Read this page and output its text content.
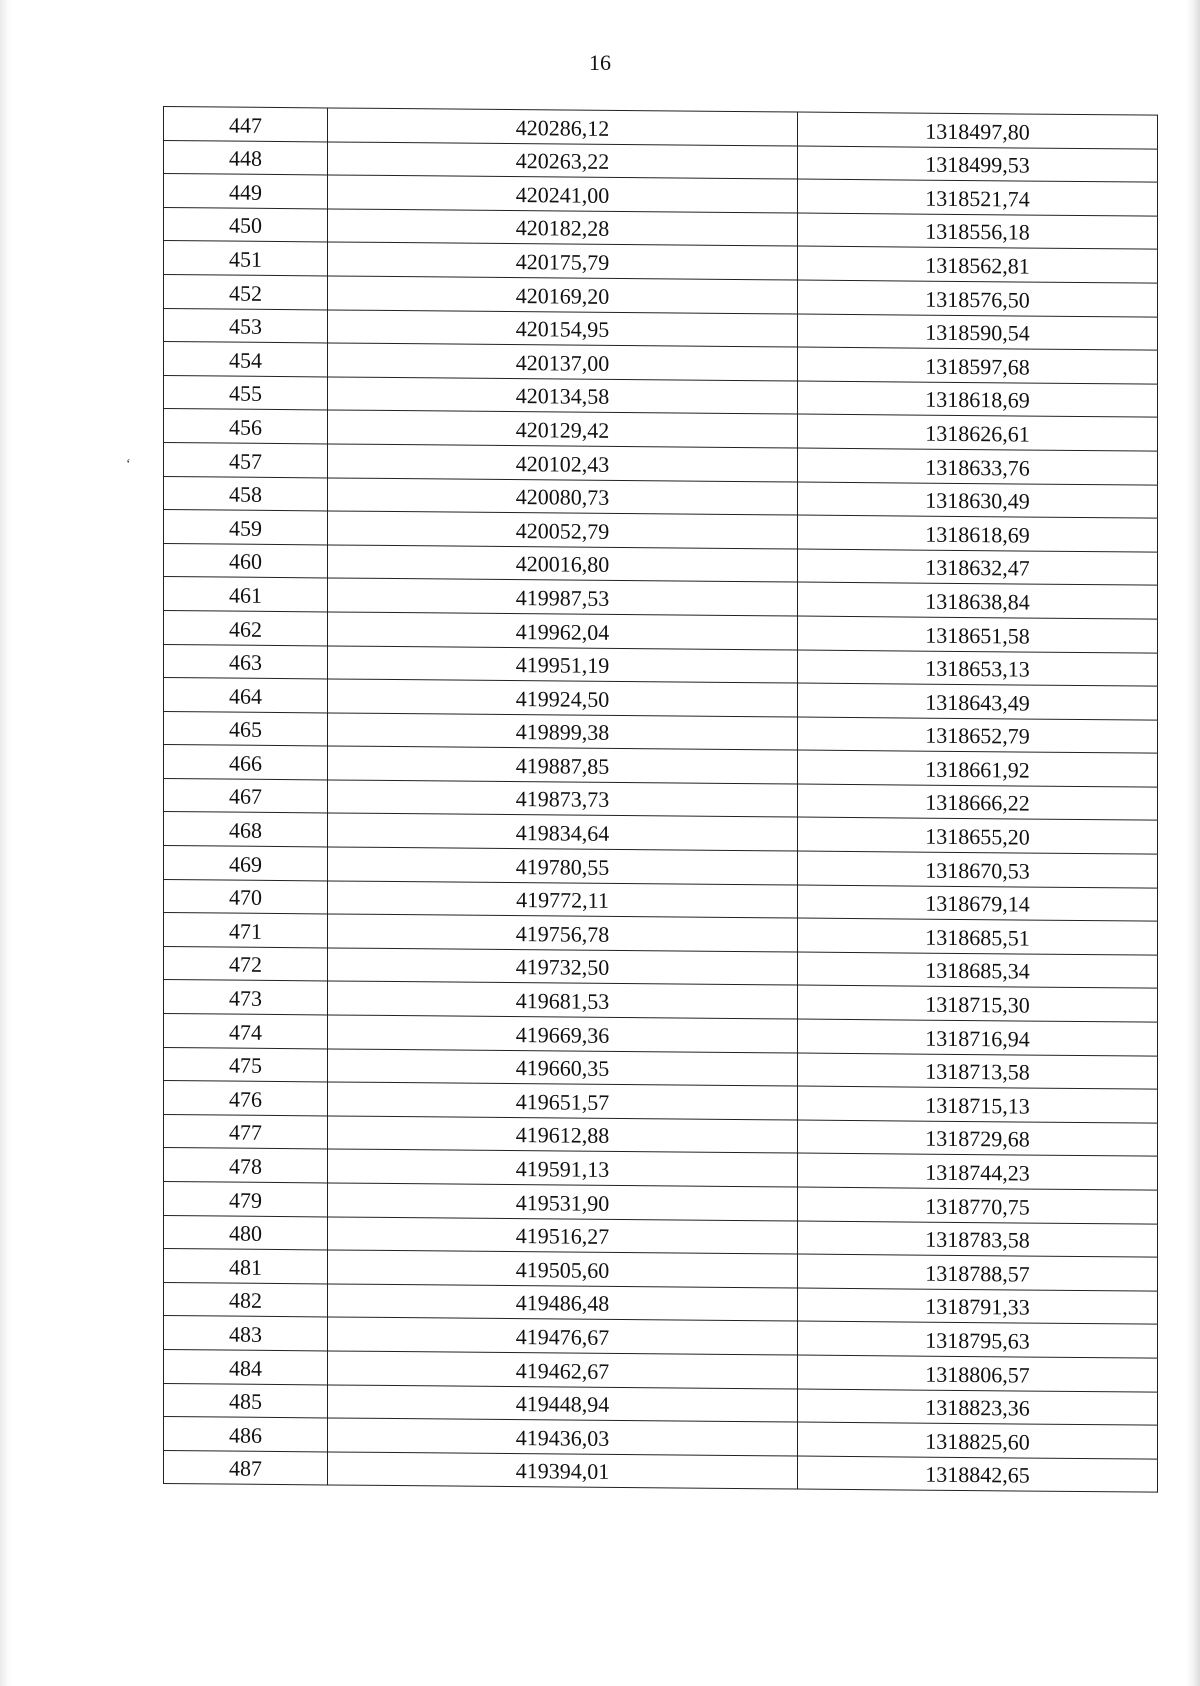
16
ʻ
447	420286,12	1318497,80
448	420263,22	1318499,53
449	420241,00	1318521,74
450	420182,28	1318556,18
451	420175,79	1318562,81
452	420169,20	1318576,50
453	420154,95	1318590,54
454	420137,00	1318597,68
455	420134,58	1318618,69
456	420129,42	1318626,61
457	420102,43	1318633,76
458	420080,73	1318630,49
459	420052,79	1318618,69
460	420016,80	1318632,47
461	419987,53	1318638,84
462	419962,04	1318651,58
463	419951,19	1318653,13
464	419924,50	1318643,49
465	419899,38	1318652,79
466	419887,85	1318661,92
467	419873,73	1318666,22
468	419834,64	1318655,20
469	419780,55	1318670,53
470	419772,11	1318679,14
471	419756,78	1318685,51
472	419732,50	1318685,34
473	419681,53	1318715,30
474	419669,36	1318716,94
475	419660,35	1318713,58
476	419651,57	1318715,13
477	419612,88	1318729,68
478	419591,13	1318744,23
479	419531,90	1318770,75
480	419516,27	1318783,58
481	419505,60	1318788,57
482	419486,48	1318791,33
483	419476,67	1318795,63
484	419462,67	1318806,57
485	419448,94	1318823,36
486	419436,03	1318825,60
487	419394,01	1318842,65
